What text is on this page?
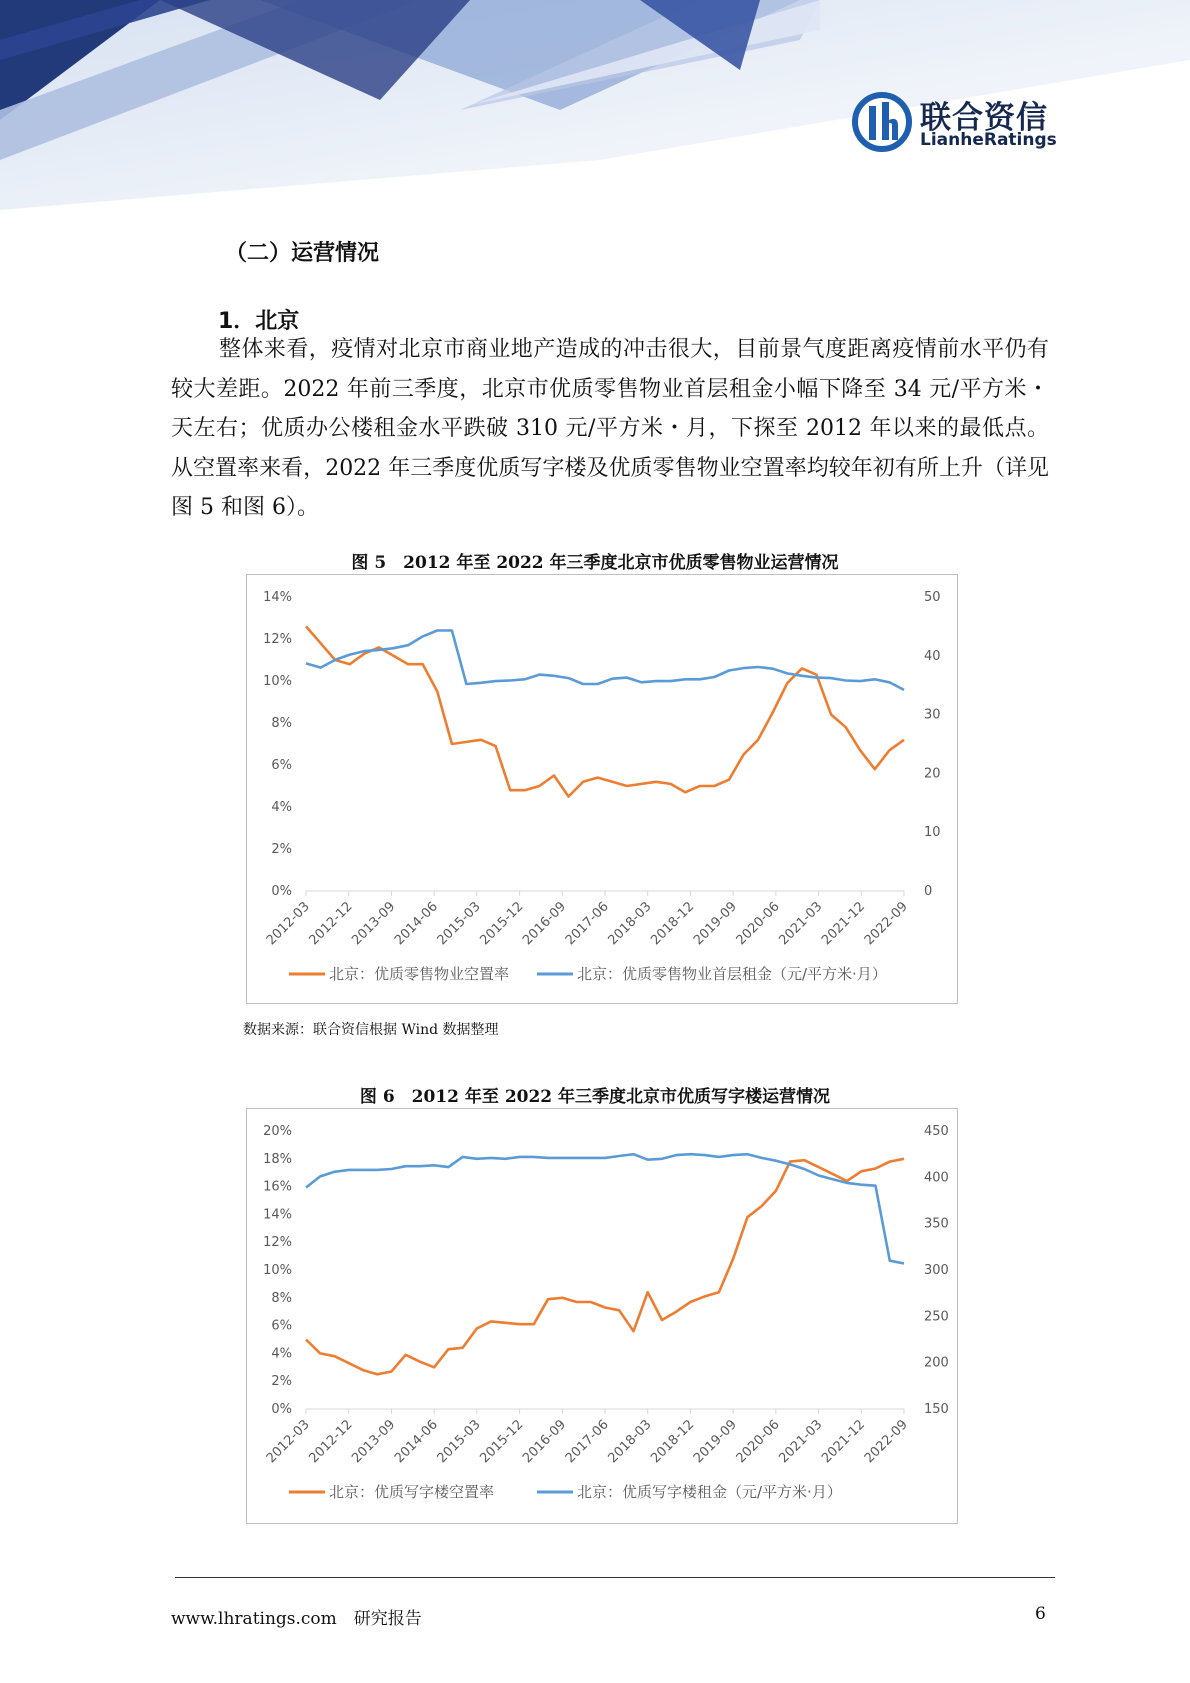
联合资信
LianheRatings
（二）运营情况
1．北京
整体来看，疫情对北京市商业地产造成的冲击很大，目前景气度距离疫情前水平仍有较大差距。2022 年前三季度，北京市优质零售物业首层租金小幅下降至 34 元/平方米・天左右；优质办公楼租金水平跌破 310 元/平方米・月，下探至 2012 年以来的最低点。从空置率来看，2022 年三季度优质写字楼及优质零售物业空置率均较年初有所上升（详见图 5 和图 6）。
图 5　2012 年至 2022 年三季度北京市优质零售物业运营情况
0%
2%
4%
6%
8%
10%
12%
14%
0
10
20
30
40
50
2012-03
2012-12
2013-09
2014-06
2015-03
2015-12
2016-09
2017-06
2018-03
2018-12
2019-09
2020-06
2021-03
2021-12
2022-09
北京：优质零售物业空置率	北京：优质零售物业首层租金（元/平方米·月）
数据来源：联合资信根据 Wind 数据整理
图 6　2012 年至 2022 年三季度北京市优质写字楼运营情况
0%
2%
4%
6%
8%
10%
12%
14%
16%
18%
20%
150
200
250
300
350
400
450
2012-03
2012-12
2013-09
2014-06
2015-03
2015-12
2016-09
2017-06
2018-03
2018-12
2019-09
2020-06
2021-03
2021-12
2022-09
北京：优质写字楼空置率	北京：优质写字楼租金（元/平方米·月）
www.lhratings.com　研究报告	6
